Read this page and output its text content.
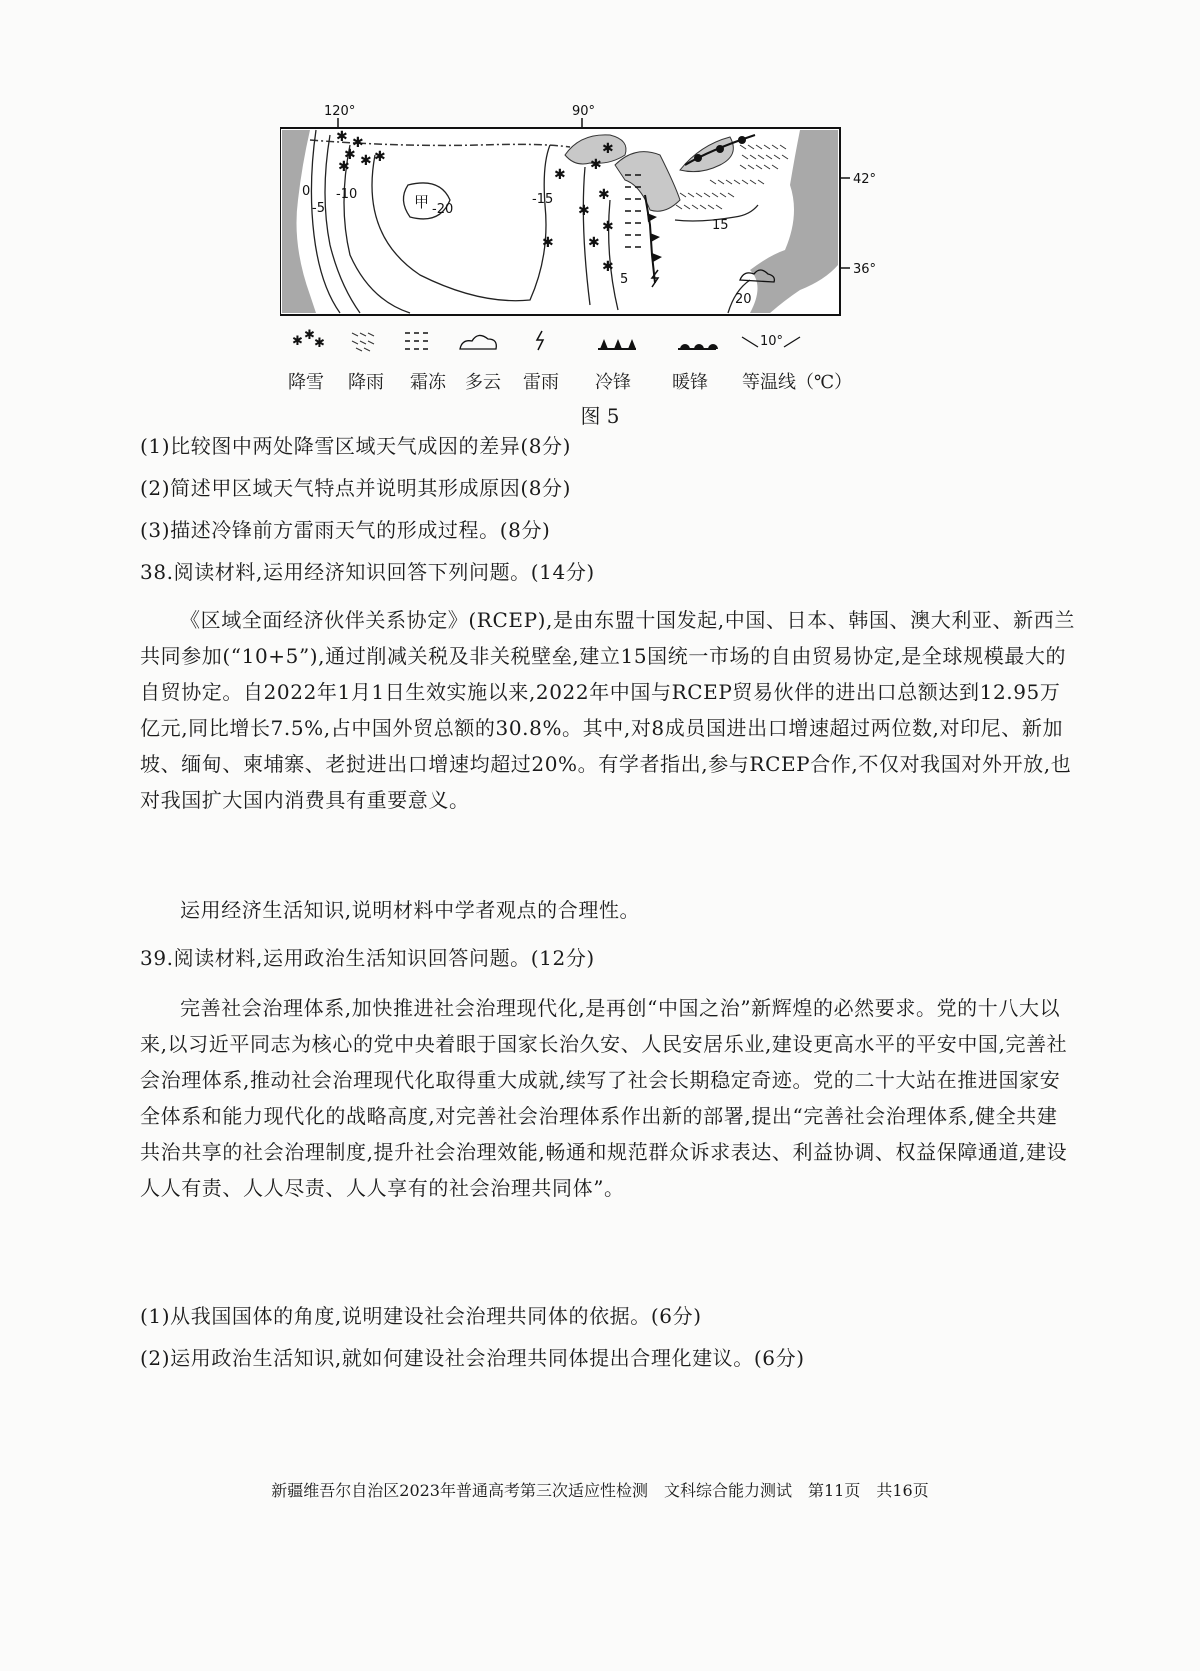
120°	90°
42°
36°
0
-5
-10	甲 -20
-15
5
15
20
✱ ✱
✱ ✱ ✱
✱
✱
✱
✱
✱
✱
✱
✱
✱
✱
✱ ✱
✱	10°
降雪 降雨 霜冻 多云 雷雨 冷锋 暖锋 等温线（℃）
图 5
(1)比较图中两处降雪区域天气成因的差异(8分)
(2)简述甲区域天气特点并说明其形成原因(8分)
(3)描述冷锋前方雷雨天气的形成过程。(8分)
38.阅读材料,运用经济知识回答下列问题。(14分)
《区域全面经济伙伴关系协定》(RCEP),是由东盟十国发起,中国、日本、韩国、澳大利亚、新西兰共同参加(“10+5”),通过削减关税及非关税壁垒,建立15国统一市场的自由贸易协定,是全球规模最大的自贸协定。自2022年1月1日生效实施以来,2022年中国与RCEP贸易伙伴的进出口总额达到12.95万亿元,同比增长7.5%,占中国外贸总额的30.8%。其中,对8成员国进出口增速超过两位数,对印尼、新加坡、缅甸、柬埔寨、老挝进出口增速均超过20%。有学者指出,参与RCEP合作,不仅对我国对外开放,也对我国扩大国内消费具有重要意义。
运用经济生活知识,说明材料中学者观点的合理性。
39.阅读材料,运用政治生活知识回答问题。(12分)
完善社会治理体系,加快推进社会治理现代化,是再创“中国之治”新辉煌的必然要求。党的十八大以来,以习近平同志为核心的党中央着眼于国家长治久安、人民安居乐业,建设更高水平的平安中国,完善社会治理体系,推动社会治理现代化取得重大成就,续写了社会长期稳定奇迹。党的二十大站在推进国家安全体系和能力现代化的战略高度,对完善社会治理体系作出新的部署,提出“完善社会治理体系,健全共建共治共享的社会治理制度,提升社会治理效能,畅通和规范群众诉求表达、利益协调、权益保障通道,建设人人有责、人人尽责、人人享有的社会治理共同体”。
(1)从我国国体的角度,说明建设社会治理共同体的依据。(6分)
(2)运用政治生活知识,就如何建设社会治理共同体提出合理化建议。(6分)
新疆维吾尔自治区2023年普通高考第三次适应性检测　文科综合能力测试　第11页　共16页
